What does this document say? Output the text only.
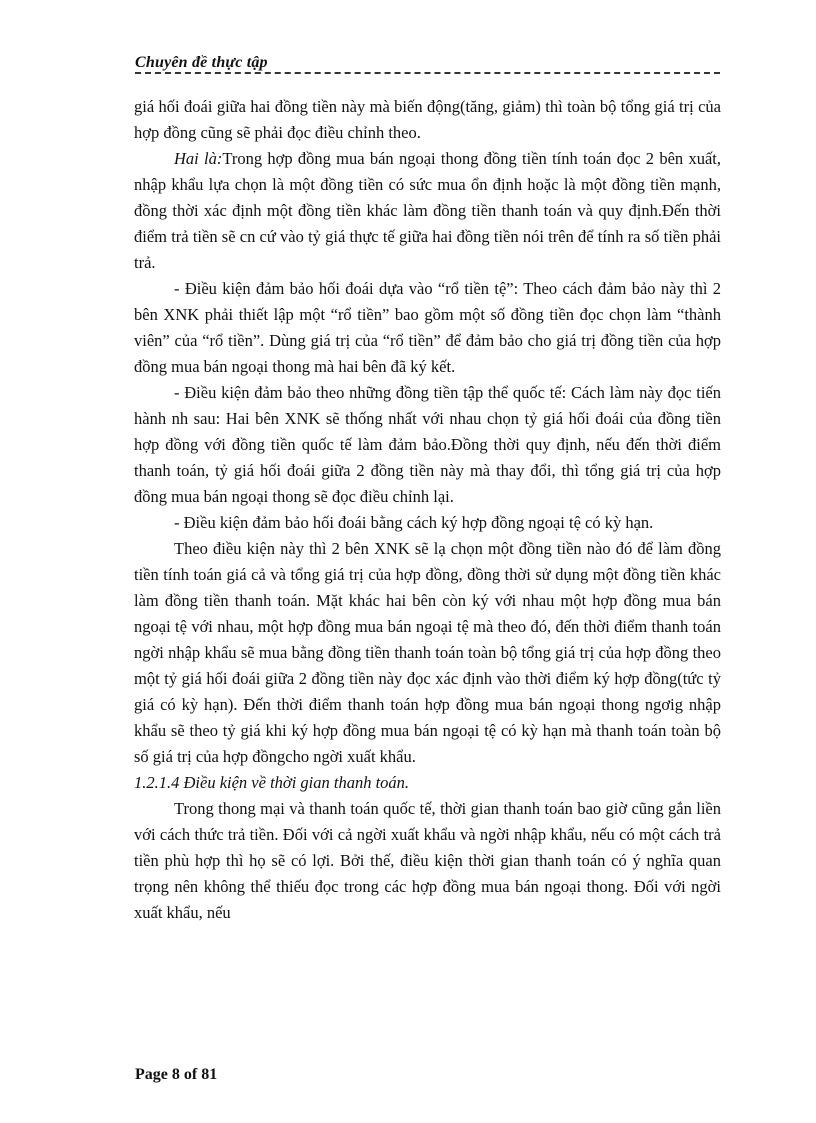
Chuyên đề thực tập

giá hối đoái giữa hai đồng tiền này mà biến động(tăng, giảm) thì toàn bộ tổng giá trị của hợp đồng cũng sẽ phải đọc điều chỉnh theo.

Hai là:Trong hợp đồng mua bán ngoại thong đồng tiền tính toán đọc 2 bên xuất, nhập khẩu lựa chọn là một đồng tiền có sức mua ổn định hoặc là một đồng tiền mạnh, đồng thời xác định một đồng tiền khác làm đồng tiền thanh toán và quy định.Đến thời điểm trả tiền sẽ cn cứ vào tỷ giá thực tế giữa hai đồng tiền nói trên để tính ra số tiền phải trả.

- Điều kiện đảm bảo hối đoái dựa vào “rổ tiền tệ”: Theo cách đảm bảo này thì 2 bên XNK phải thiết lập một “rổ tiền” bao gồm một số đồng tiền đọc chọn làm “thành viên” của “rổ tiền”. Dùng giá trị của “rổ tiền” để đảm bảo cho giá trị đồng tiền của hợp đồng mua bán ngoại thong mà hai bên đã ký kết.

- Điều kiện đảm bảo theo những đồng tiền tập thể quốc tế: Cách làm này đọc tiến hành nh sau: Hai bên XNK sẽ thống nhất với nhau chọn tỷ giá hối đoái của đồng tiền hợp đồng với đồng tiền quốc tế làm đảm bảo.Đồng thời quy định, nếu đến thời điểm thanh toán, tỷ giá hối đoái giữa 2 đồng tiền này mà thay đổi, thì tổng giá trị của hợp đồng mua bán ngoại thong sẽ đọc điều chỉnh lại.

- Điều kiện đảm bảo hối đoái bằng cách ký hợp đồng ngoại tệ có kỳ hạn.

Theo điều kiện này thì 2 bên XNK sẽ lạ chọn một đồng tiền nào đó để làm đồng tiền tính toán giá cả và tổng giá trị của hợp đồng, đồng thời sử dụng một đồng tiền khác làm đồng tiền thanh toán. Mặt khác hai bên còn ký với nhau một hợp đồng mua bán ngoại tệ với nhau, một hợp đồng mua bán ngoại tệ mà theo đó, đến thời điểm thanh toán ngời nhập khẩu sẽ mua bằng đồng tiền thanh toán toàn bộ tổng giá trị của hợp đồng theo một tỷ giá hối đoái giữa 2 đồng tiền này đọc xác định vào thời điểm ký hợp đồng(tức tỷ giá có kỳ hạn). Đến thời điểm thanh toán hợp đồng mua bán ngoại thong ngơig nhập khẩu sẽ theo tỷ giá khi ký hợp đồng mua bán ngoại tệ có kỳ hạn mà thanh toán toàn bộ số giá trị của hợp đồngcho ngời xuất khẩu.

1.2.1.4 Điều kiện về thời gian thanh toán.

Trong thong mại và thanh toán quốc tế, thời gian thanh toán bao giờ cũng gắn liền với cách thức trả tiền. Đối với cả ngời xuất khẩu và ngời nhập khẩu, nếu có một cách trả tiền phù hợp thì họ sẽ có lợi. Bởi thế, điều kiện thời gian thanh toán có ý nghĩa quan trọng nên không thể thiếu đọc trong các hợp đồng mua bán ngoại thong. Đối với ngời xuất khẩu, nếu

Page 8 of 81
